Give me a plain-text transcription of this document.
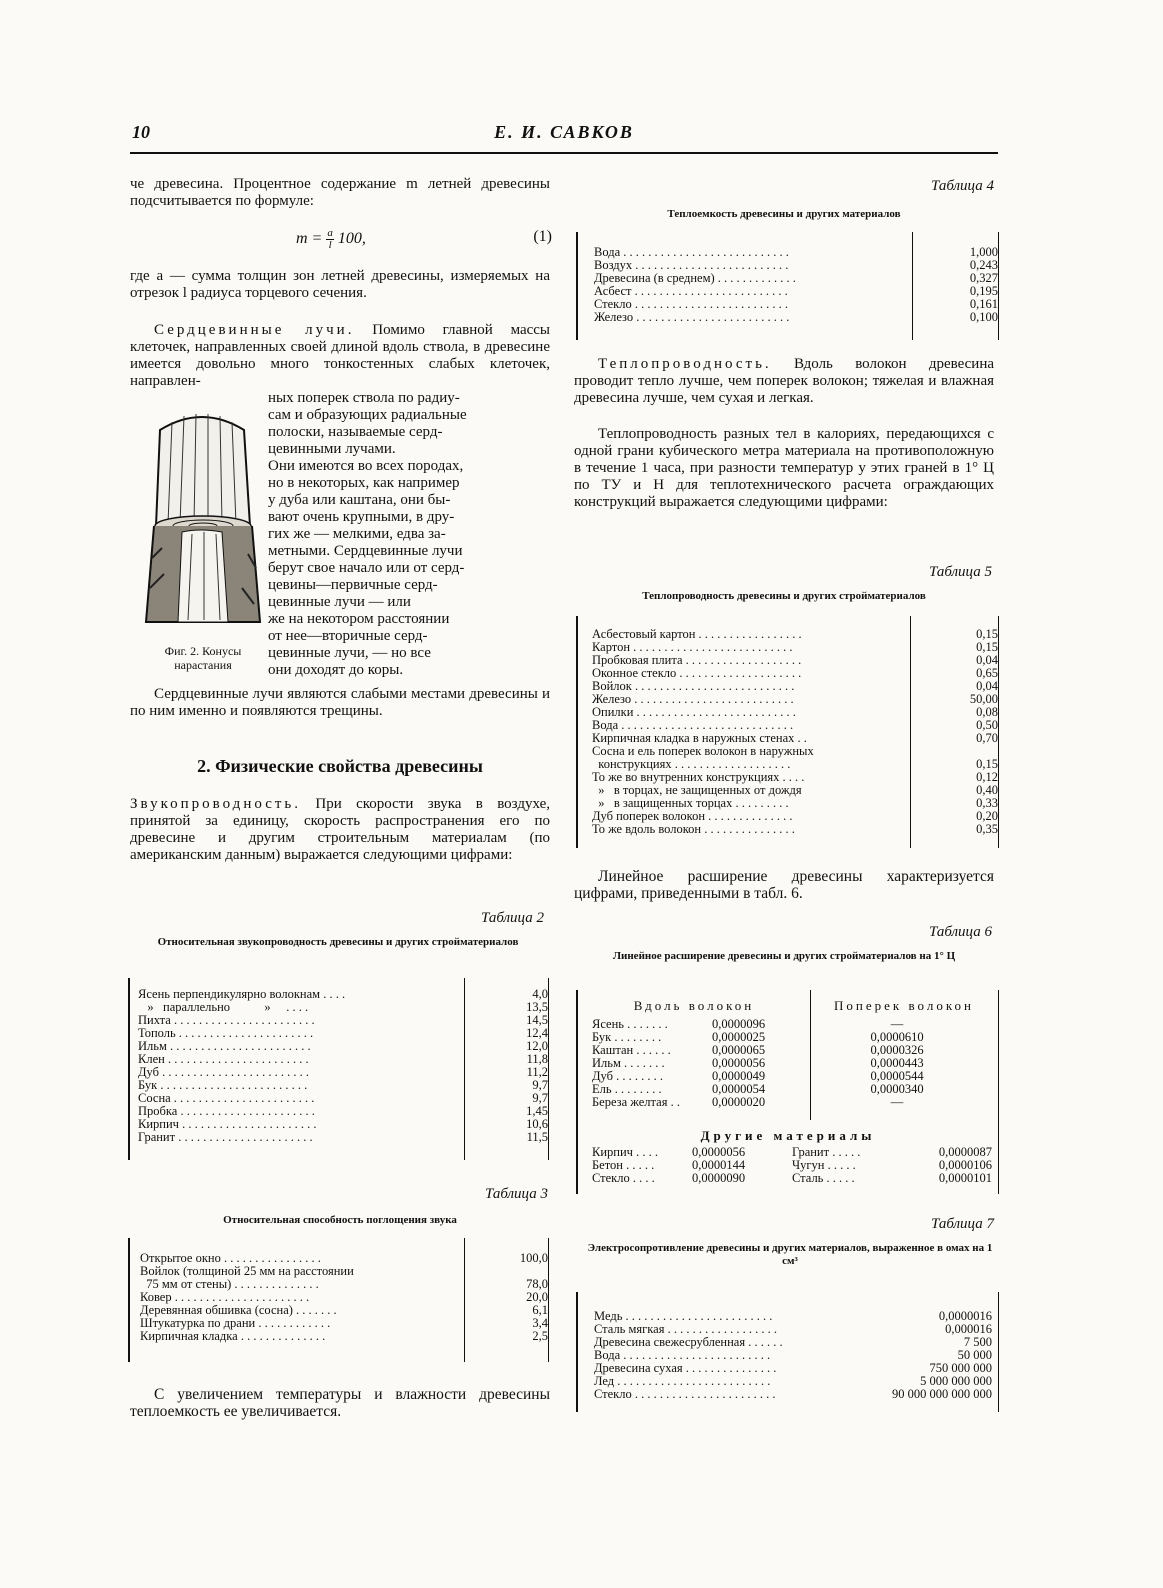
10	Е. И. САВКОВ

че древесина. Процентное содержание m летней древесины подсчитывается по формуле:

$m = \frac{a}{l} 100$,	(1)

где a — сумма толщин зон летней древесины, измеряемых на отрезок l радиуса торцевого сечения.

Сердцевинные лучи. Помимо главной массы клеточек, направленных своей длиной вдоль ствола, в древесине имеется довольно много тонкостенных слабых клеточек, направлен-

ных поперек ствола по радиу-
сам и образующих радиальные
полоски, называемые серд-
цевинными лучами.
Они имеются во всех породах,
но в некоторых, как например
у дуба или каштана, они бы-
вают очень крупными, в дру-
гих же — мелкими, едва за-
метными. Сердцевинные лучи
берут свое начало или от серд-
цевины—первичные серд-
цевинные лучи — или
же на некотором расстоянии
от нее—вторичные серд-
цевинные лучи, — но все
они доходят до коры.

Фиг. 2. Конусы нарастания

Сердцевинные лучи являются слабыми местами древесины и по ним именно и появляются трещины.

2. Физические свойства древесины

Звукопроводность. При скорости звука в воздухе, принятой за единицу, скорость распространения его по древесине и другим строительным материалам (по американским данным) выражается следующими цифрами:

Таблица 2
Относительная звукопроводность древесины и других стройматериалов
Ясень перпендикулярно волокнам . . . .	4,0
»   параллельно           »     . . . .	13,5
Пихта . . . . . . . . . . . . . . . . . . . . . . .	14,5
Тополь . . . . . . . . . . . . . . . . . . . . . .	12,4
Ильм . . . . . . . . . . . . . . . . . . . . . . .	12,0
Клен . . . . . . . . . . . . . . . . . . . . . . .	11,8
Дуб . . . . . . . . . . . . . . . . . . . . . . . .	11,2
Бук . . . . . . . . . . . . . . . . . . . . . . . .	9,7
Сосна . . . . . . . . . . . . . . . . . . . . . . .	9,7
Пробка . . . . . . . . . . . . . . . . . . . . . .	1,45
Кирпич . . . . . . . . . . . . . . . . . . . . . .	10,6
Гранит . . . . . . . . . . . . . . . . . . . . . .	11,5
Таблица 3
Относительная способность поглощения звука
Открытое окно . . . . . . . . . . . . . . . .	100,0
Войлок (толщиной 25 мм на расстоянии
75 мм от стены) . . . . . . . . . . . . . .	78,0
Ковер . . . . . . . . . . . . . . . . . . . . . .	20,0
Деревянная обшивка (сосна) . . . . . . .	6,1
Штукатурка по драни . . . . . . . . . . . .	3,4
Кирпичная кладка . . . . . . . . . . . . . .	2,5

С увеличением температуры и влажности древесины теплоемкость ее увеличивается.

Таблица 4
Теплоемкость древесины и других материалов
Вода . . . . . . . . . . . . . . . . . . . . . . . . . . .	1,000
Воздух . . . . . . . . . . . . . . . . . . . . . . . . .	0,243
Древесина (в среднем) . . . . . . . . . . . . .	0,327
Асбест . . . . . . . . . . . . . . . . . . . . . . . . .	0,195
Стекло . . . . . . . . . . . . . . . . . . . . . . . . .	0,161
Железо . . . . . . . . . . . . . . . . . . . . . . . . .	0,100

Теплопроводность. Вдоль волокон древесина проводит тепло лучше, чем поперек волокон; тяжелая и влажная древесина лучше, чем сухая и легкая.

Теплопроводность разных тел в калориях, передающихся с одной грани кубического метра материала на противоположную в течение 1 часа, при разности температур у этих граней в 1° Ц по ТУ и Н для теплотехнического расчета ограждающих конструкций выражается следующими цифрами:

Таблица 5
Теплопроводность древесины и других стройматериалов
Асбестовый картон . . . . . . . . . . . . . . . . .	0,15
Картон . . . . . . . . . . . . . . . . . . . . . . . . . .	0,15
Пробковая плита . . . . . . . . . . . . . . . . . . .	0,04
Оконное стекло . . . . . . . . . . . . . . . . . . . .	0,65
Войлок . . . . . . . . . . . . . . . . . . . . . . . . . .	0,04
Железо . . . . . . . . . . . . . . . . . . . . . . . . . .	50,00
Опилки . . . . . . . . . . . . . . . . . . . . . . . . . .	0,08
Вода . . . . . . . . . . . . . . . . . . . . . . . . . . . .	0,50
Кирпичная кладка в наружных стенах . .	0,70
Сосна и ель поперек волокон в наружных
конструкциях . . . . . . . . . . . . . . . . . . .	0,15
То же во внутренних конструкциях . . . .	0,12
»   в торцах, не защищенных от дождя	0,40
»   в защищенных торцах . . . . . . . . .	0,33
Дуб поперек волокон . . . . . . . . . . . . . .	0,20
То же вдоль волокон . . . . . . . . . . . . . . .	0,35

Линейное расширение древесины характеризуется цифрами, приведенными в табл. 6.

Таблица 6
Линейное расширение древесины и других стройматериалов на 1° Ц
Вдоль волокон	Поперек волокон
Ясень . . . . . . .	0,0000096	—
Бук . . . . . . . .	0,0000025	0,0000610
Каштан . . . . . .	0,0000065	0,0000326
Ильм . . . . . . .	0,0000056	0,0000443
Дуб . . . . . . . .	0,0000049	0,0000544
Ель . . . . . . . .	0,0000054	0,0000340
Береза желтая . .	0,0000020	—
Другие материалы
Кирпич . . . .	0,0000056	Гранит . . . . .	0,0000087
Бетон . . . . .	0,0000144	Чугун . . . . .	0,0000106
Стекло . . . .	0,0000090	Сталь . . . . .	0,0000101
Таблица 7
Электросопротивление древесины и других материалов, выраженное в омах на 1 см³
Медь . . . . . . . . . . . . . . . . . . . . . . . .	0,0000016
Сталь мягкая . . . . . . . . . . . . . . . . . .	0,000016
Древесина свежесрубленная . . . . . .	7 500
Вода . . . . . . . . . . . . . . . . . . . . . . . .	50 000
Древесина сухая . . . . . . . . . . . . . . .	750 000 000
Лед . . . . . . . . . . . . . . . . . . . . . . . . .	5 000 000 000
Стекло . . . . . . . . . . . . . . . . . . . . . . .	90 000 000 000 000
